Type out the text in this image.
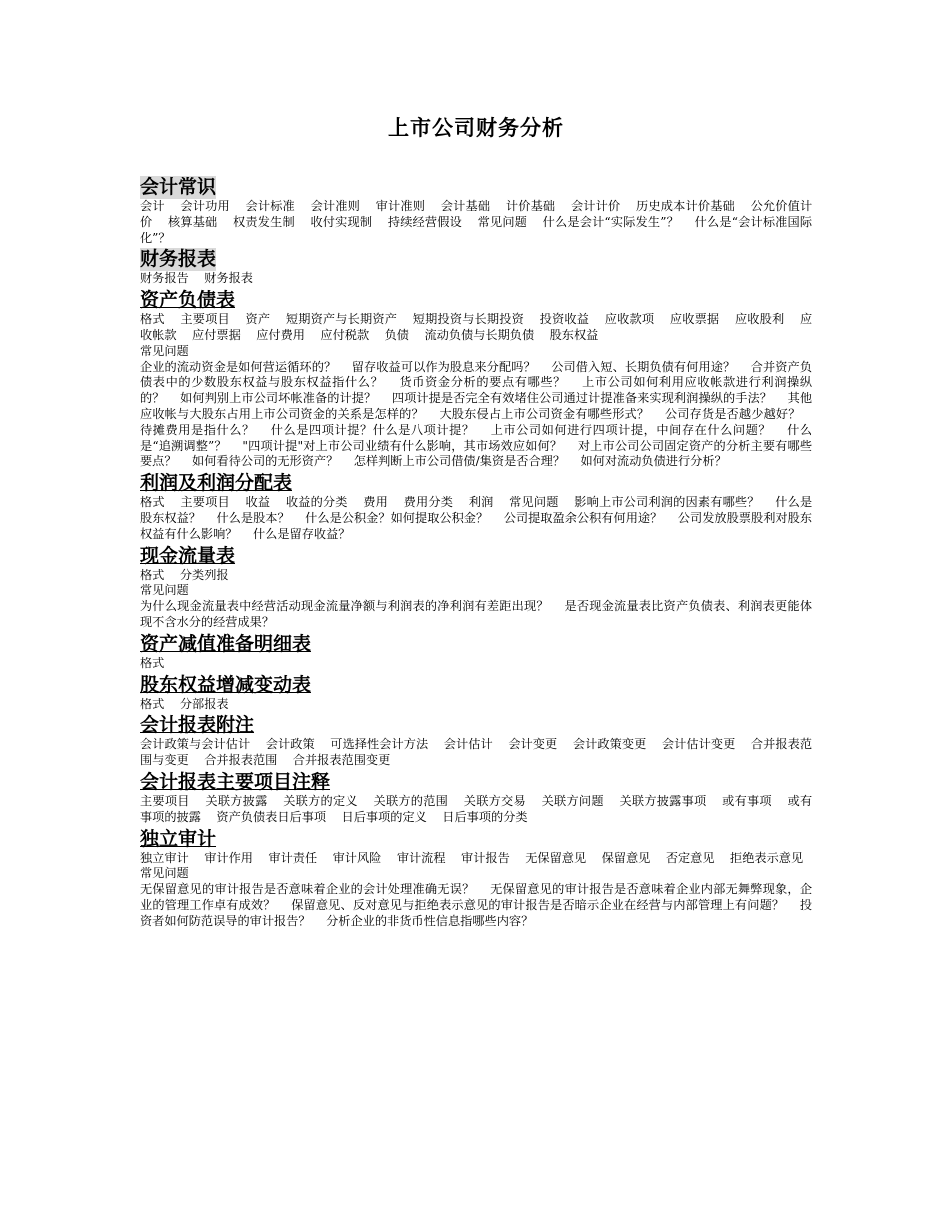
上市公司财务分析
会计常识

会计 会计功用 会计标准 会计准则 审计准则 会计基础 计价基础 会计计价 历史成本计价基础 公允价值计价 核算基础 权责发生制 收付实现制 持续经营假设 常见问题 什么是会计“实际发生”？ 什么是“会计标准国际化”？

财务报表

财务报告 财务报表

资产负债表

格式 主要项目 资产 短期资产与长期资产 短期投资与长期投资 投资收益 应收款项 应收票据 应收股利 应收帐款 应付票据 应付费用 应付税款 负债 流动负债与长期负债 股东权益

常见问题

企业的流动资金是如何营运循环的？ 留存收益可以作为股息来分配吗？ 公司借入短、长期负债有何用途？ 合并资产负债表中的少数股东权益与股东权益指什么？ 货币资金分析的要点有哪些？ 上市公司如何利用应收帐款进行利润操纵的？ 如何判别上市公司坏帐准备的计提？ 四项计提是否完全有效堵住公司通过计提准备来实现利润操纵的手法？ 其他应收帐与大股东占用上市公司资金的关系是怎样的？ 大股东侵占上市公司资金有哪些形式？ 公司存货是否越少越好？ 待摊费用是指什么？ 什么是四项计提？什么是八项计提？ 上市公司如何进行四项计提，中间存在什么问题？ 什么是“追溯调整”？ "四项计提"对上市公司业绩有什么影响，其市场效应如何？ 对上市公司公司固定资产的分析主要有哪些要点？ 如何看待公司的无形资产？ 怎样判断上市公司借债/集资是否合理？ 如何对流动负债进行分析？

利润及利润分配表

格式 主要项目 收益 收益的分类 费用 费用分类 利润 常见问题 影响上市公司利润的因素有哪些？ 什么是股东权益？ 什么是股本？ 什么是公积金？如何提取公积金？ 公司提取盈余公积有何用途？ 公司发放股票股利对股东权益有什么影响？ 什么是留存收益？

现金流量表

格式 分类列报

常见问题

为什么现金流量表中经营活动现金流量净额与利润表的净利润有差距出现？ 是否现金流量表比资产负债表、利润表更能体现不含水分的经营成果？

资产减值准备明细表

格式

股东权益增减变动表

格式 分部报表

会计报表附注

会计政策与会计估计 会计政策 可选择性会计方法 会计估计 会计变更 会计政策变更 会计估计变更 合并报表范围与变更 合并报表范围 合并报表范围变更

会计报表主要项目注释

主要项目 关联方披露 关联方的定义 关联方的范围 关联方交易 关联方问题 关联方披露事项 或有事项 或有事项的披露 资产负债表日后事项 日后事项的定义 日后事项的分类

独立审计

独立审计 审计作用 审计责任 审计风险 审计流程 审计报告 无保留意见 保留意见 否定意见 拒绝表示意见

常见问题

无保留意见的审计报告是否意味着企业的会计处理准确无误？ 无保留意见的审计报告是否意味着企业内部无舞弊现象，企业的管理工作卓有成效？ 保留意见、反对意见与拒绝表示意见的审计报告是否暗示企业在经营与内部管理上有问题？ 投资者如何防范误导的审计报告？ 分析企业的非货币性信息指哪些内容？
